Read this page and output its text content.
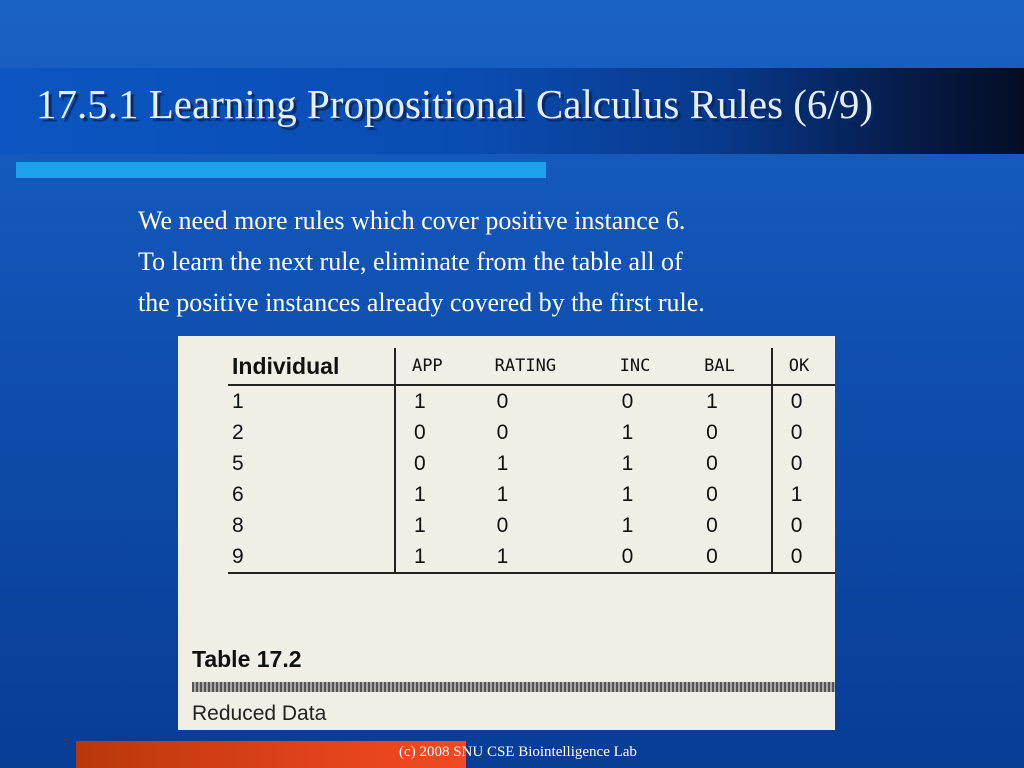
17.5.1 Learning Propositional Calculus Rules (6/9)
We need more rules which cover positive instance 6.
To learn the next rule, eliminate from the table all of
the positive instances already covered by the first rule.

Individual	APP	RATING	INC	BAL	OK
1	1	0	0	1	0
2	0	0	1	0	0
5	0	1	1	0	0
6	1	1	1	0	1
8	1	0	1	0	0
9	1	1	0	0	0
Table 17.2
Reduced Data
(c) 2008 SNU CSE Biointelligence Lab
